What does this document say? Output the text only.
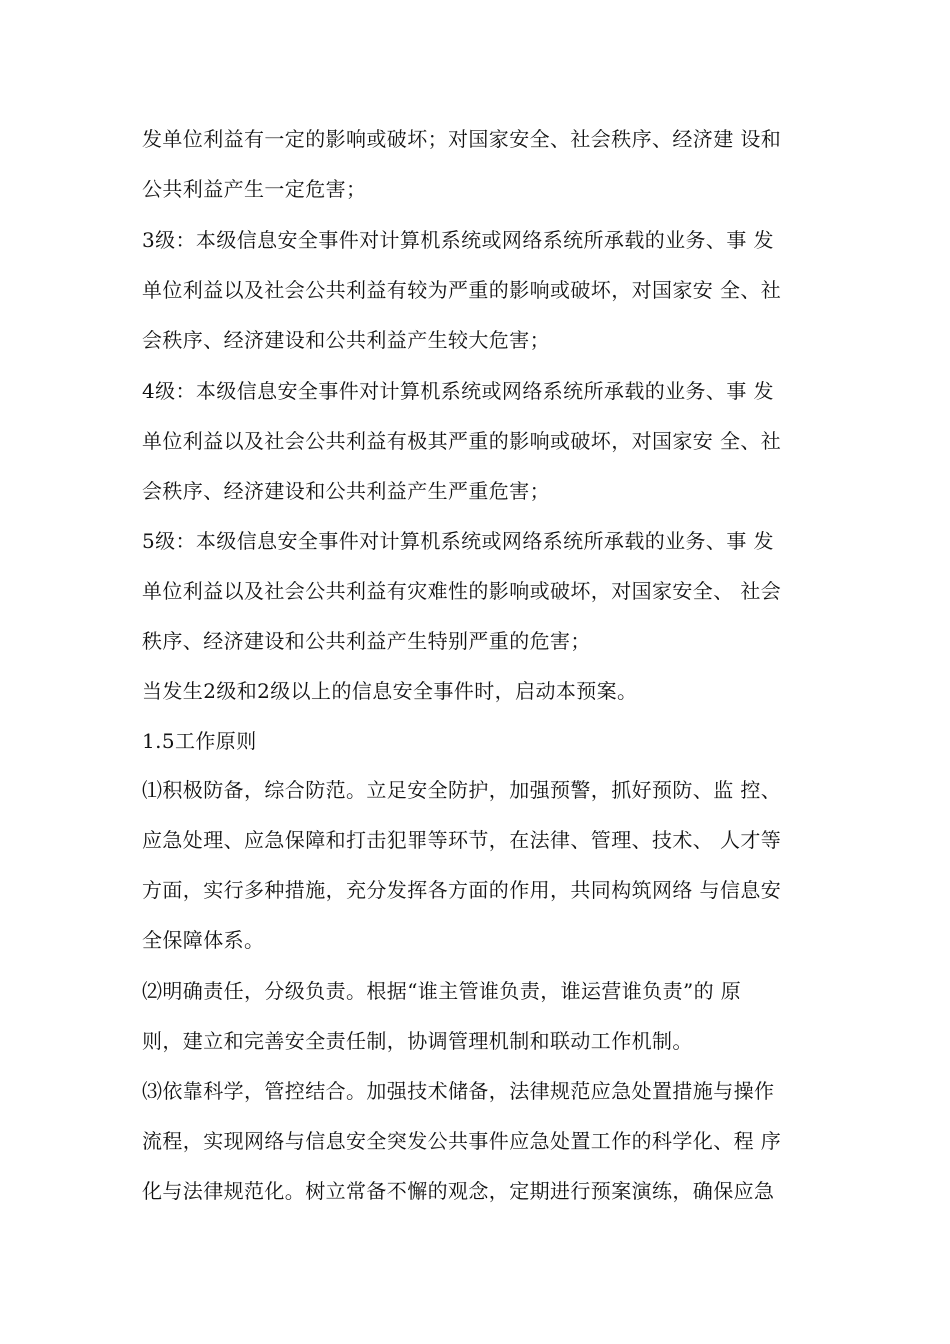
发单位利益有一定的影响或破坏；对国家安全、社会秩序、经济建 设和
公共利益产生一定危害；
3级：本级信息安全事件对计算机系统或网络系统所承载的业务、事 发
单位利益以及社会公共利益有较为严重的影响或破坏，对国家安 全、社
会秩序、经济建设和公共利益产生较大危害；
4级：本级信息安全事件对计算机系统或网络系统所承载的业务、事 发
单位利益以及社会公共利益有极其严重的影响或破坏，对国家安 全、社
会秩序、经济建设和公共利益产生严重危害；
5级：本级信息安全事件对计算机系统或网络系统所承载的业务、事 发
单位利益以及社会公共利益有灾难性的影响或破坏，对国家安全、 社会
秩序、经济建设和公共利益产生特别严重的危害；
当发生2级和2级以上的信息安全事件时，启动本预案。
1.5工作原则
⑴积极防备，综合防范。立足安全防护，加强预警，抓好预防、监 控、
应急处理、应急保障和打击犯罪等环节，在法律、管理、技术、 人才等
方面，实行多种措施，充分发挥各方面的作用，共同构筑网络 与信息安
全保障体系。
⑵明确责任，分级负责。根据“谁主管谁负责，谁运营谁负责”的 原
则，建立和完善安全责任制，协调管理机制和联动工作机制。
⑶依靠科学，管控结合。加强技术储备，法律规范应急处置措施与操作
流程，实现网络与信息安全突发公共事件应急处置工作的科学化、程 序
化与法律规范化。树立常备不懈的观念，定期进行预案演练，确保应急
